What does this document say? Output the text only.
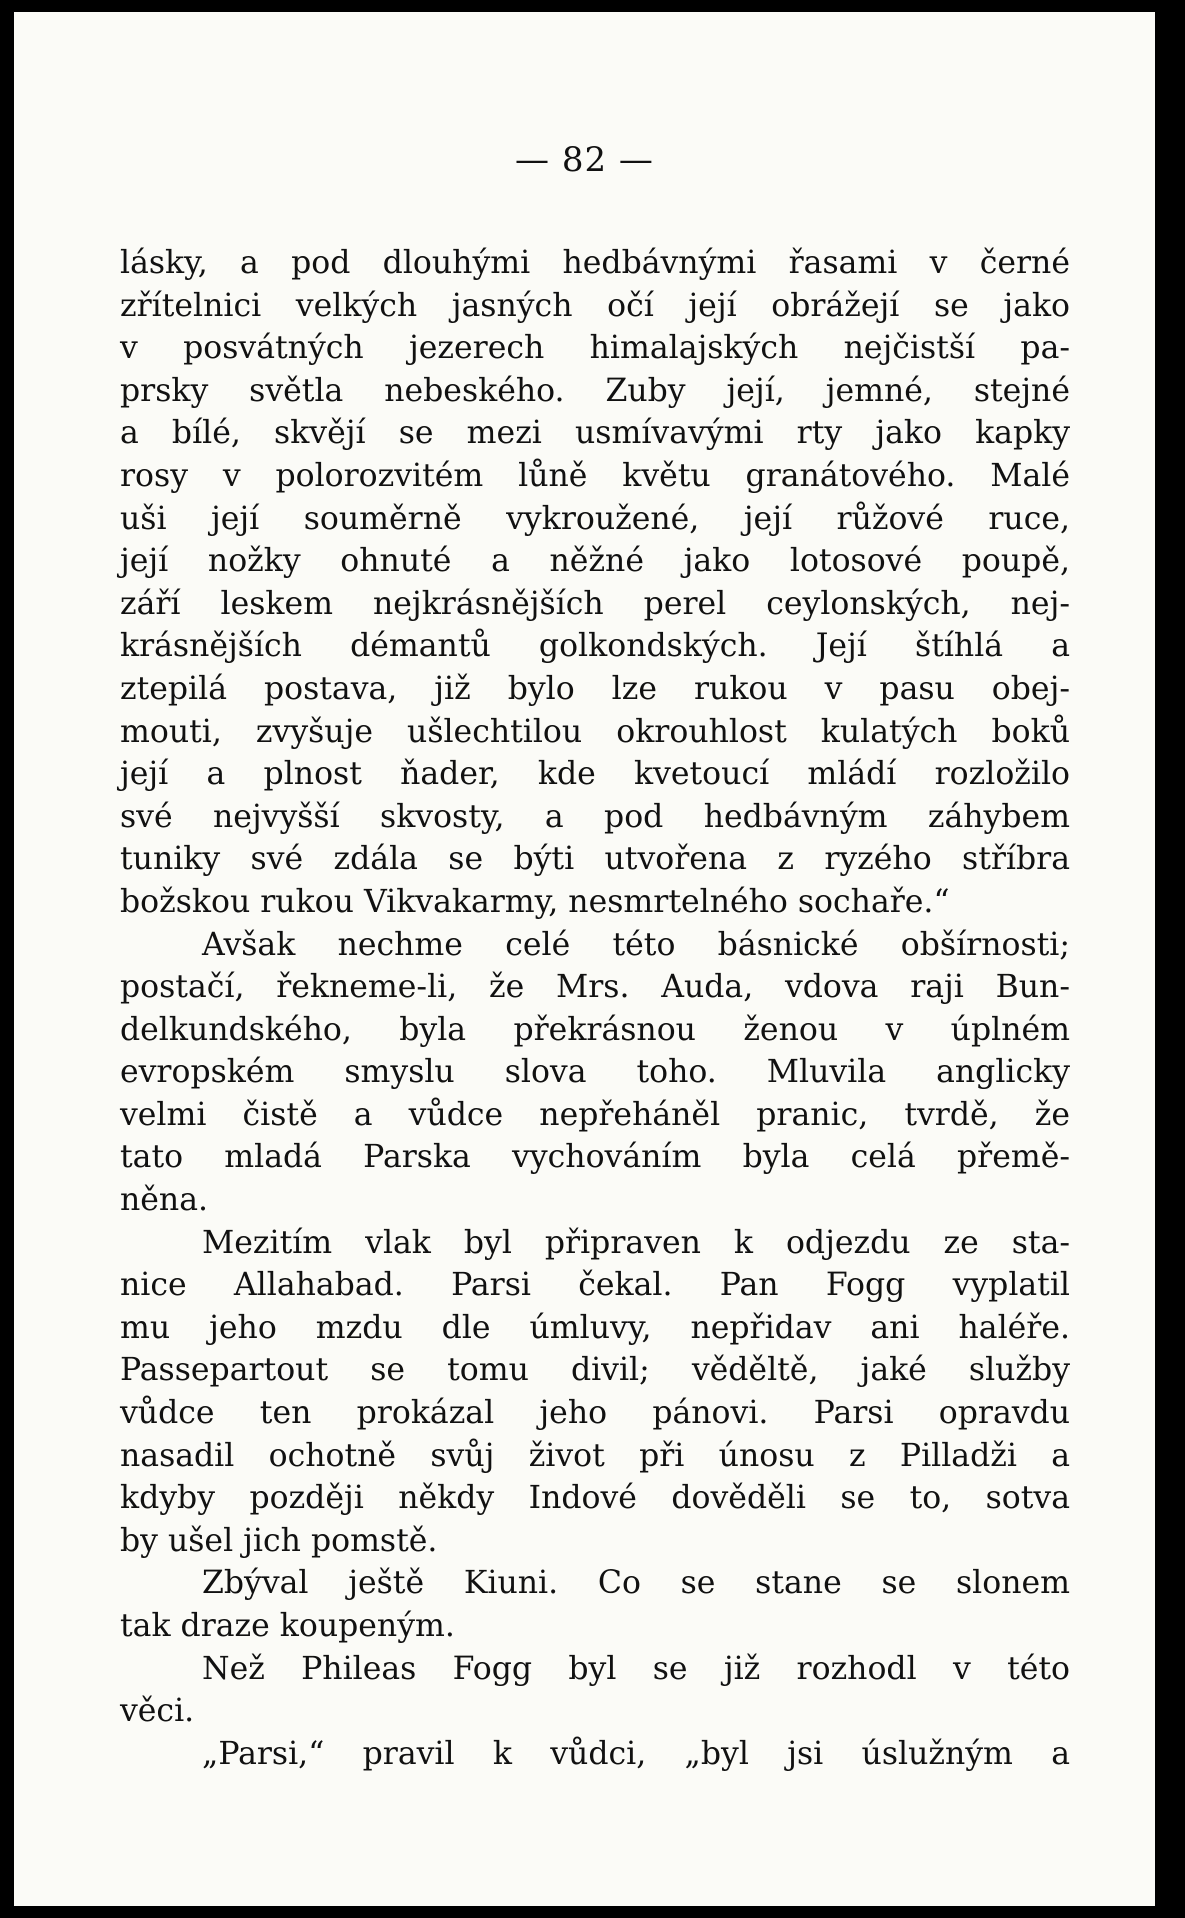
— 82 —
lásky, a pod dlouhými hedbávnými řasami v černé
zřítelnici velkých jasných očí její obrážejí se jako
v posvátných jezerech himalajských nejčistší pa-
prsky světla nebeského. Zuby její, jemné, stejné
a bílé, skvějí se mezi usmívavými rty jako kapky
rosy v polorozvitém lůně květu granátového. Malé
uši její souměrně vykroužené, její růžové ruce,
její nožky ohnuté a něžné jako lotosové poupě,
září leskem nejkrásnějších perel ceylonských, nej-
krásnějších démantů golkondských. Její štíhlá a
ztepilá postava, již bylo lze rukou v pasu obej-
mouti, zvyšuje ušlechtilou okrouhlost kulatých boků
její a plnost ňader, kde kvetoucí mládí rozložilo
své nejvyšší skvosty, a pod hedbávným záhybem
tuniky své zdála se býti utvořena z ryzého stříbra
božskou rukou Vikvakarmy, nesmrtelného sochaře.“
Avšak nechme celé této básnické obšírnosti;
postačí, řekneme-li, že Mrs. Auda, vdova raji Bun-
delkundského, byla překrásnou ženou v úplném
evropském smyslu slova toho. Mluvila anglicky
velmi čistě a vůdce nepřeháněl pranic, tvrdě, že
tato mladá Parska vychováním byla celá přemě-
něna.
Mezitím vlak byl připraven k odjezdu ze sta-
nice Allahabad. Parsi čekal. Pan Fogg vyplatil
mu jeho mzdu dle úmluvy, nepřidav ani haléře.
Passepartout se tomu divil; věděltě, jaké služby
vůdce ten prokázal jeho pánovi. Parsi opravdu
nasadil ochotně svůj život při únosu z Pilladži a
kdyby později někdy Indové dověděli se to, sotva
by ušel jich pomstě.
Zbýval ještě Kiuni. Co se stane se slonem
tak draze koupeným.
Než Phileas Fogg byl se již rozhodl v této
věci.
„Parsi,“ pravil k vůdci, „byl jsi úslužným a
